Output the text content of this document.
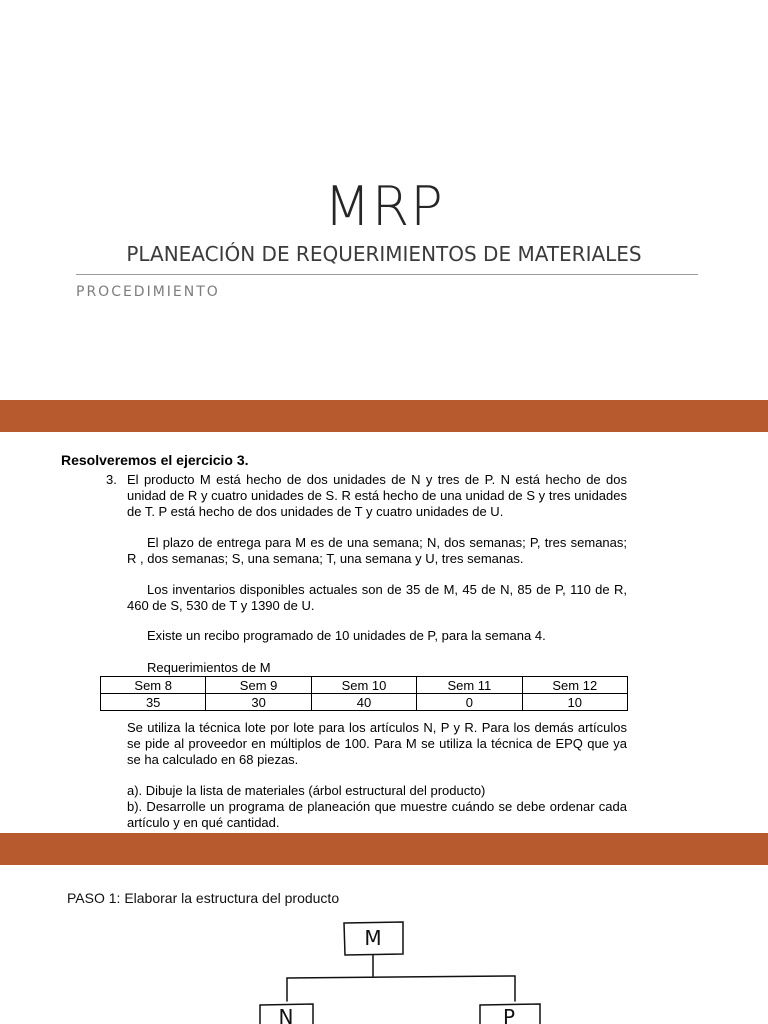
MRP
PLANEACIÓN DE REQUERIMIENTOS DE MATERIALES
PROCEDIMIENTO
Resolveremos el ejercicio 3.
3. El producto M está hecho de dos unidades de N y tres de P. N está hecho de dos unidad de R y cuatro unidades de S. R está hecho de una unidad de S y tres unidades de T. P está hecho de dos unidades de T y cuatro unidades de U.
El plazo de entrega para M es de una semana; N, dos semanas; P, tres semanas; R , dos semanas; S, una semana; T, una semana y U, tres semanas.
Los inventarios disponibles actuales son de 35 de M, 45 de N, 85 de P, 110 de R, 460 de S, 530 de T y 1390 de U.
Existe un recibo programado de 10 unidades de P, para la semana 4.
Requerimientos de M
Sem 8	Sem 9	Sem 10	Sem 11	Sem 12
35	30	40	0	10
Se utiliza la técnica lote por lote para los artículos N, P y R. Para los demás artículos se pide al proveedor en múltiplos de 100. Para M se utiliza la técnica de EPQ que ya se ha calculado en 68 piezas.
a). Dibuje la lista de materiales (árbol estructural del producto)
b). Desarrolle un programa de planeación que muestre cuándo se debe ordenar cada artículo y en qué cantidad.
PASO 1: Elaborar la estructura del producto
M
N	P
